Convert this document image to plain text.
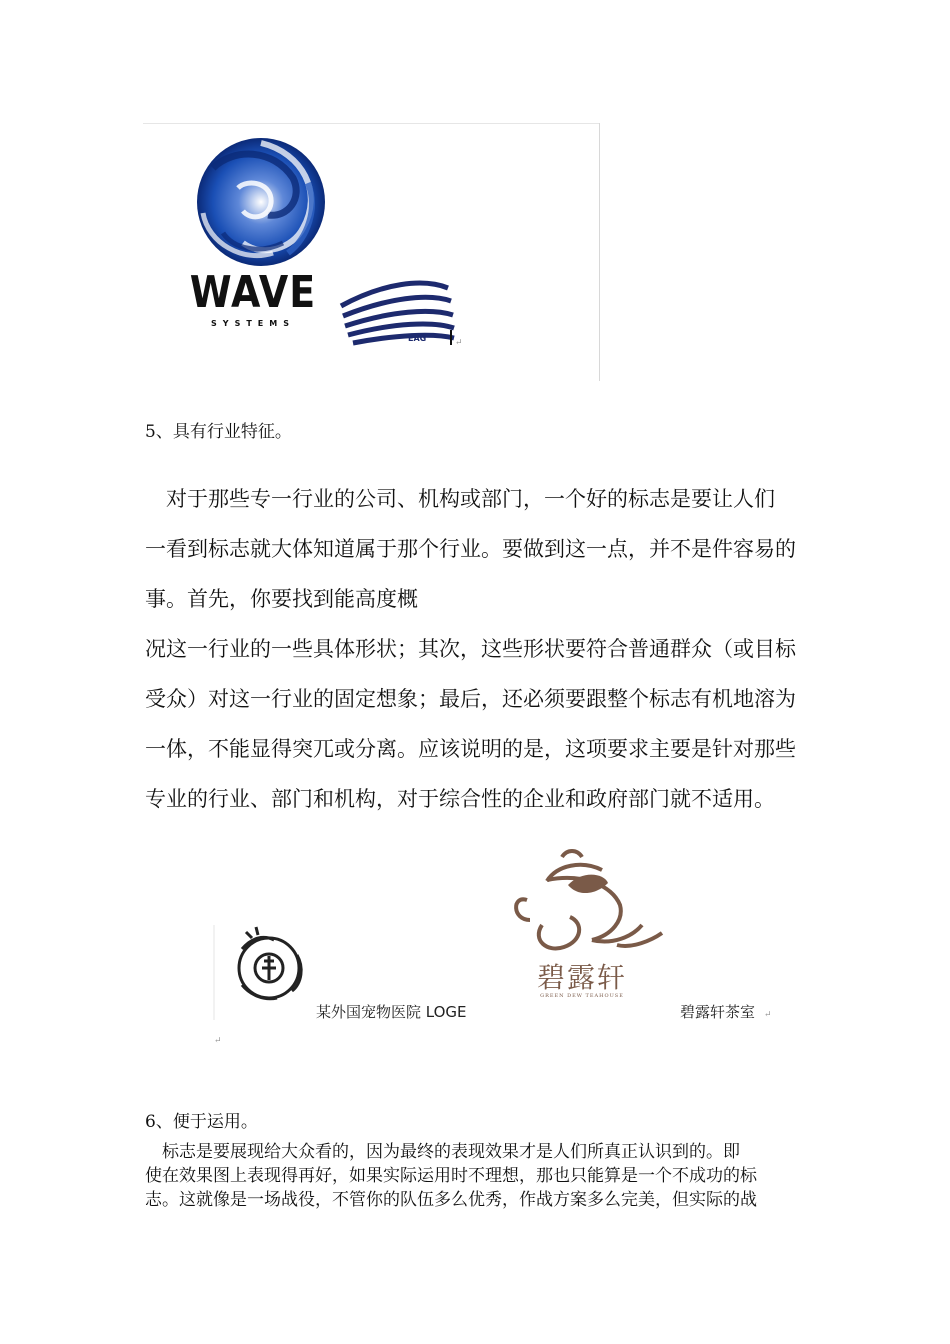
WAVE
SYSTEMS
EAG	↵
5、具有行业特征。

　对于那些专一行业的公司、机构或部门，一个好的标志是要让人们

一看到标志就大体知道属于那个行业。要做到这一点，并不是件容易的

事。首先，你要找到能高度概

况这一行业的一些具体形状；其次，这些形状要符合普通群众（或目标

受众）对这一行业的固定想象；最后，还必须要跟整个标志有机地溶为

一体，不能显得突兀或分离。应该说明的是，这项要求主要是针对那些

专业的行业、部门和机构，对于综合性的企业和政府部门就不适用。

某外国宠物医院 LOGE
碧露轩
GREEN DEW TEAHOUSE
碧露轩茶室 ↵
↵
6、便于运用。

　标志是要展现给大众看的，因为最终的表现效果才是人们所真正认识到的。即

使在效果图上表现得再好，如果实际运用时不理想，那也只能算是一个不成功的标

志。这就像是一场战役，不管你的队伍多么优秀，作战方案多么完美，但实际的战
